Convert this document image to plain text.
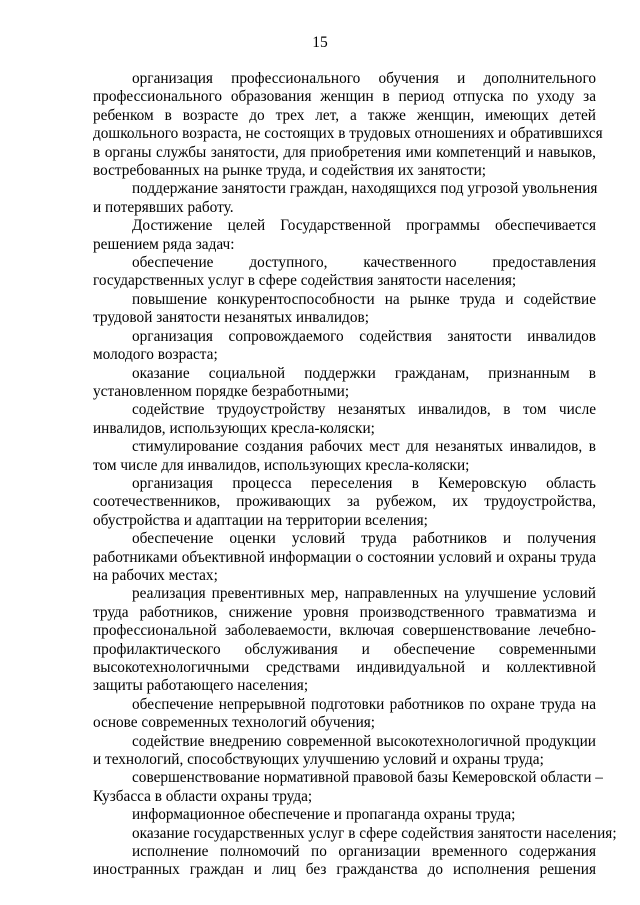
15
организация профессионального обучения и дополнительного
профессионального образования женщин в период отпуска по уходу за
ребенком в возрасте до трех лет, а также женщин, имеющих детей
дошкольного возраста, не состоящих в трудовых отношениях и обратившихся
в органы службы занятости, для приобретения ими компетенций и навыков,
востребованных на рынке труда, и содействия их занятости;
поддержание занятости граждан, находящихся под угрозой увольнения
и потерявших работу.
Достижение целей Государственной программы обеспечивается
решением ряда задач:
обеспечение доступного, качественного предоставления
государственных услуг в сфере содействия занятости населения;
повышение конкурентоспособности на рынке труда и содействие
трудовой занятости незанятых инвалидов;
организация сопровождаемого содействия занятости инвалидов
молодого возраста;
оказание социальной поддержки гражданам, признанным в
установленном порядке безработными;
содействие трудоустройству незанятых инвалидов, в том числе
инвалидов, использующих кресла-коляски;
стимулирование создания рабочих мест для незанятых инвалидов, в
том числе для инвалидов, использующих кресла-коляски;
организация процесса переселения в Кемеровскую область
соотечественников, проживающих за рубежом, их трудоустройства,
обустройства и адаптации на территории вселения;
обеспечение оценки условий труда работников и получения
работниками объективной информации о состоянии условий и охраны труда
на рабочих местах;
реализация превентивных мер, направленных на улучшение условий
труда работников, снижение уровня производственного травматизма и
профессиональной заболеваемости, включая совершенствование лечебно-
профилактического обслуживания и обеспечение современными
высокотехнологичными средствами индивидуальной и коллективной
защиты работающего населения;
обеспечение непрерывной подготовки работников по охране труда на
основе современных технологий обучения;
содействие внедрению современной высокотехнологичной продукции
и технологий, способствующих улучшению условий и охраны труда;
совершенствование нормативной правовой базы Кемеровской области –
Кузбасса в области охраны труда;
информационное обеспечение и пропаганда охраны труда;
оказание государственных услуг в сфере содействия занятости населения;
исполнение полномочий по организации временного содержания
иностранных граждан и лиц без гражданства до исполнения решения
